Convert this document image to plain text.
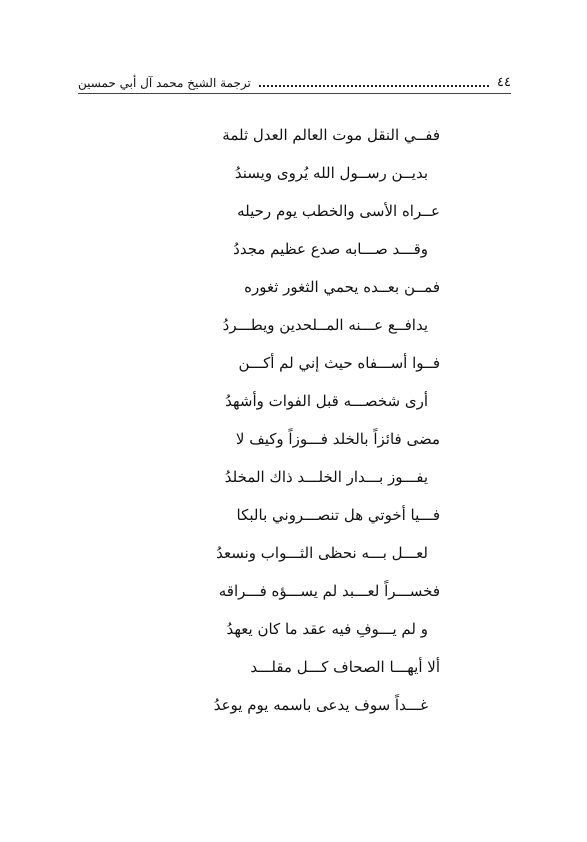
٤٤
ترجمة الشيخ محمد آل أبي حمسين
ففــي النقل موت العالم العدل ثلمة
بديــن رســول الله يُروى ويسندُ
عــراه الأسى والخطب يوم رحيله
وقـــد صـــابه صدع عظيم مجددُ
فمــن بعــده يحمي الثغور ثغوره
يدافــع عـــنه المــلحدين ويطـــردُ
فــوا أســـفاه حيث إني لم أكـــن
أرى شخصـــه قبل الفوات وأشهدُ
مضى فائزاً بالخلد فـــوزاً وكيف لا
يفـــوز بـــدار الخلـــد ذاك المخلدُ
فـــيا أخوتي هل تنصـــروني بالبكا
لعـــل بـــه نحظى الثـــواب ونسعدُ
فخســـراً لعـــبد لم يســـؤه فـــراقه
و لم يـــوفِ فيه عقد ما كان يعهدُ
ألا أيهـــا الصحاف كـــل مقلـــد
غـــداً سوف يدعى باسمه يوم يوعدُ
